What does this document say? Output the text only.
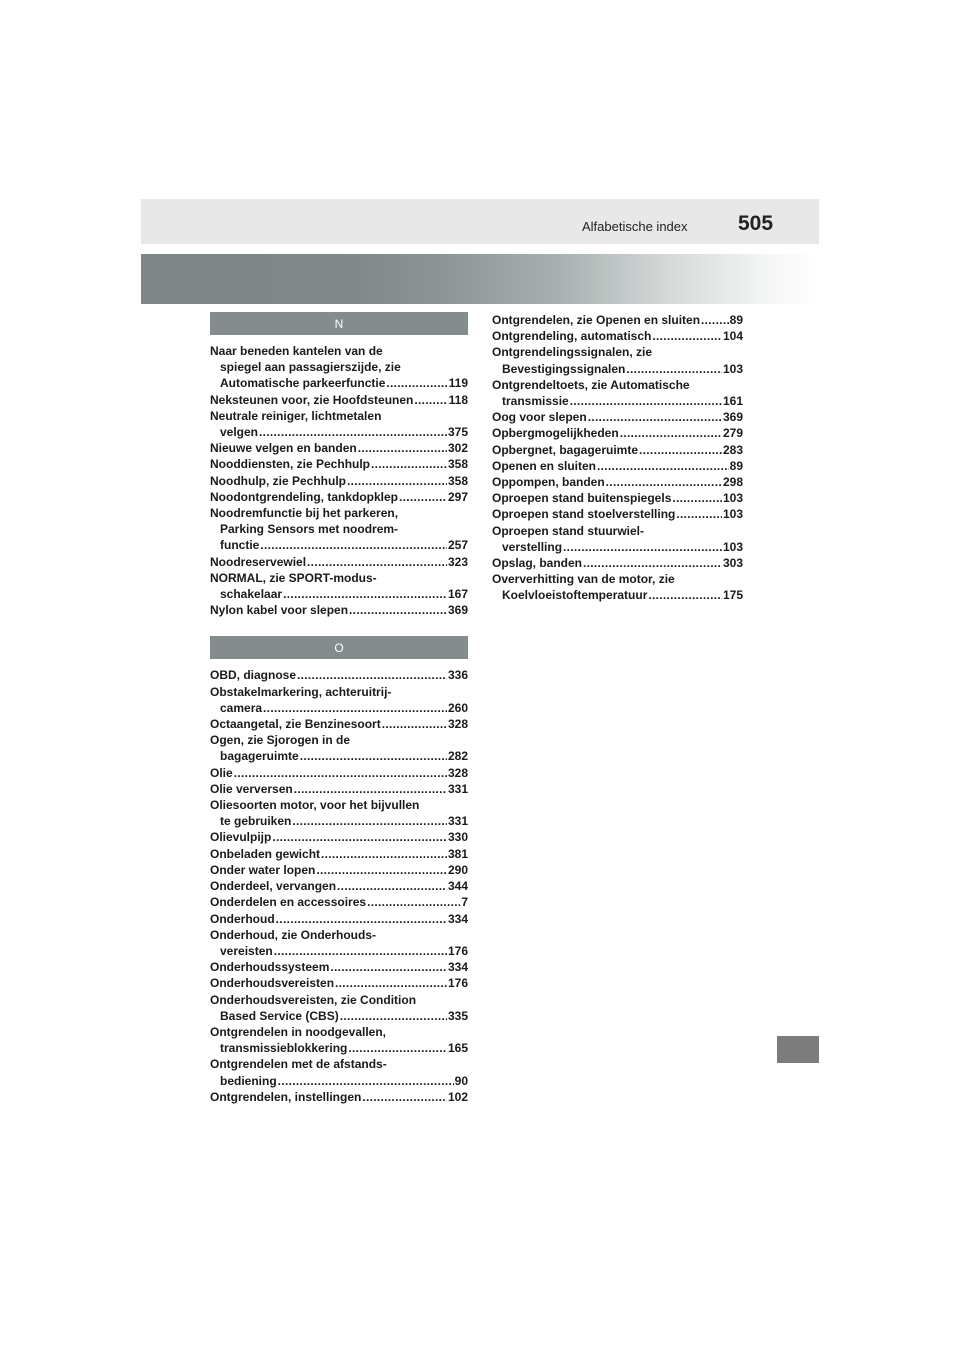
Alfabetische index 505
N
Naar beneden kantelen van de
spiegel aan passagierszijde, zie
Automatische parkeerfunctie .....	119
Neksteunen voor, zie Hoofdsteunen .....	118
Neutrale reiniger, lichtmetalen
velgen .....	375
Nieuwe velgen en banden .....	302
Nooddiensten, zie Pechhulp .....	358
Noodhulp, zie Pechhulp .....	358
Noodontgrendeling, tankdopklep .....	297
Noodremfunctie bij het parkeren,
Parking Sensors met noodrem-
functie .....	257
Noodreservewiel .....	323
NORMAL, zie SPORT-modus-
schakelaar .....	167
Nylon kabel voor slepen .....	369
O
OBD, diagnose .....	336
Obstakelmarkering, achteruitrij-
camera .....	260
Octaangetal, zie Benzinesoort .....	328
Ogen, zie Sjorogen in de
bagageruimte .....	282
Olie .....	328
Olie verversen .....	331
Oliesoorten motor, voor het bijvullen
te gebruiken .....	331
Olievulpijp .....	330
Onbeladen gewicht .....	381
Onder water lopen .....	290
Onderdeel, vervangen .....	344
Onderdelen en accessoires .....	7
Onderhoud .....	334
Onderhoud, zie Onderhouds-
vereisten .....	176
Onderhoudssysteem .....	334
Onderhoudsvereisten .....	176
Onderhoudsvereisten, zie Condition
Based Service (CBS) .....	335
Ontgrendelen in noodgevallen,
transmissieblokkering .....	165
Ontgrendelen met de afstands-
bediening .....	90
Ontgrendelen, instellingen .....	102
Ontgrendelen, zie Openen en sluiten ..... 89
Ontgrendeling, automatisch .....	104
Ontgrendelingssignalen, zie
Bevestigingssignalen .....	103
Ontgrendeltoets, zie Automatische
transmissie .....	161
Oog voor slepen .....	369
Opbergmogelijkheden .....	279
Opbergnet, bagageruimte .....	283
Openen en sluiten .....	89
Oppompen, banden .....	298
Oproepen stand buitenspiegels .....	103
Oproepen stand stoelverstelling .....	103
Oproepen stand stuurwiel-
verstelling .....	103
Opslag, banden .....	303
Oververhitting van de motor, zie
Koelvloeistoftemperatuur .....	175
